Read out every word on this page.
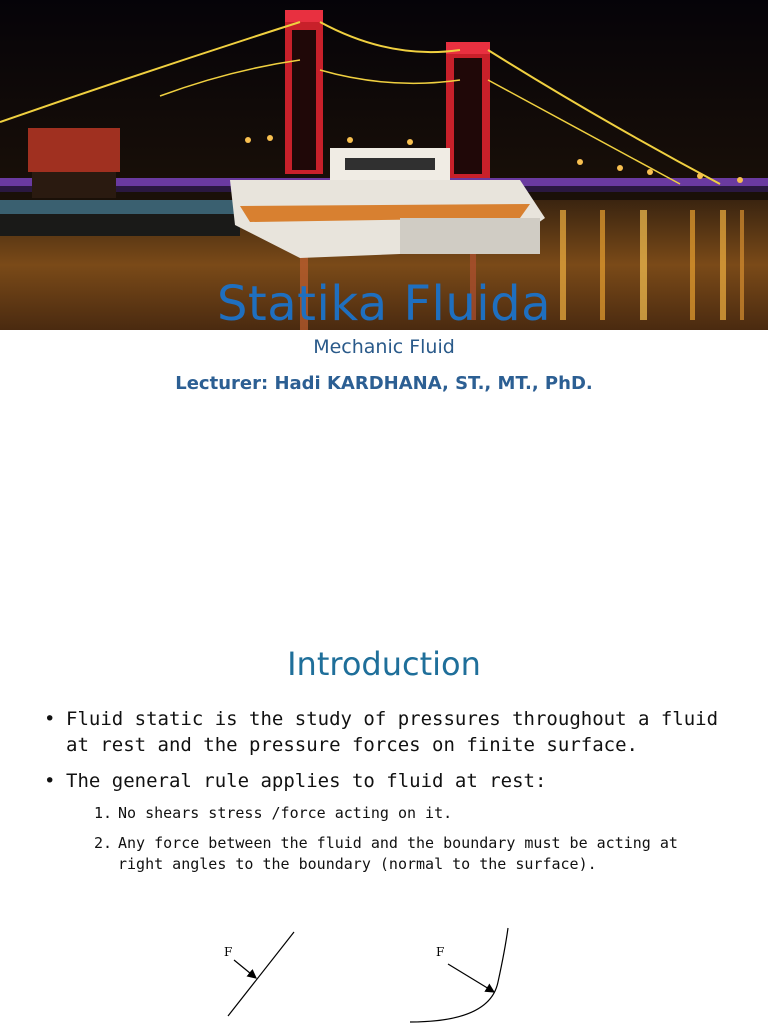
Statika Fluida
Mechanic Fluid
Lecturer: Hadi KARDHANA, ST., MT., PhD.
Introduction
• Fluid static is the study of pressures throughout a fluid at rest and the pressure forces on finite surface.
• The general rule applies to fluid at rest:
1. No shears stress /force acting on it.
2. Any force between the fluid and the boundary must be acting at right angles to the boundary (normal to the surface).
F	F
